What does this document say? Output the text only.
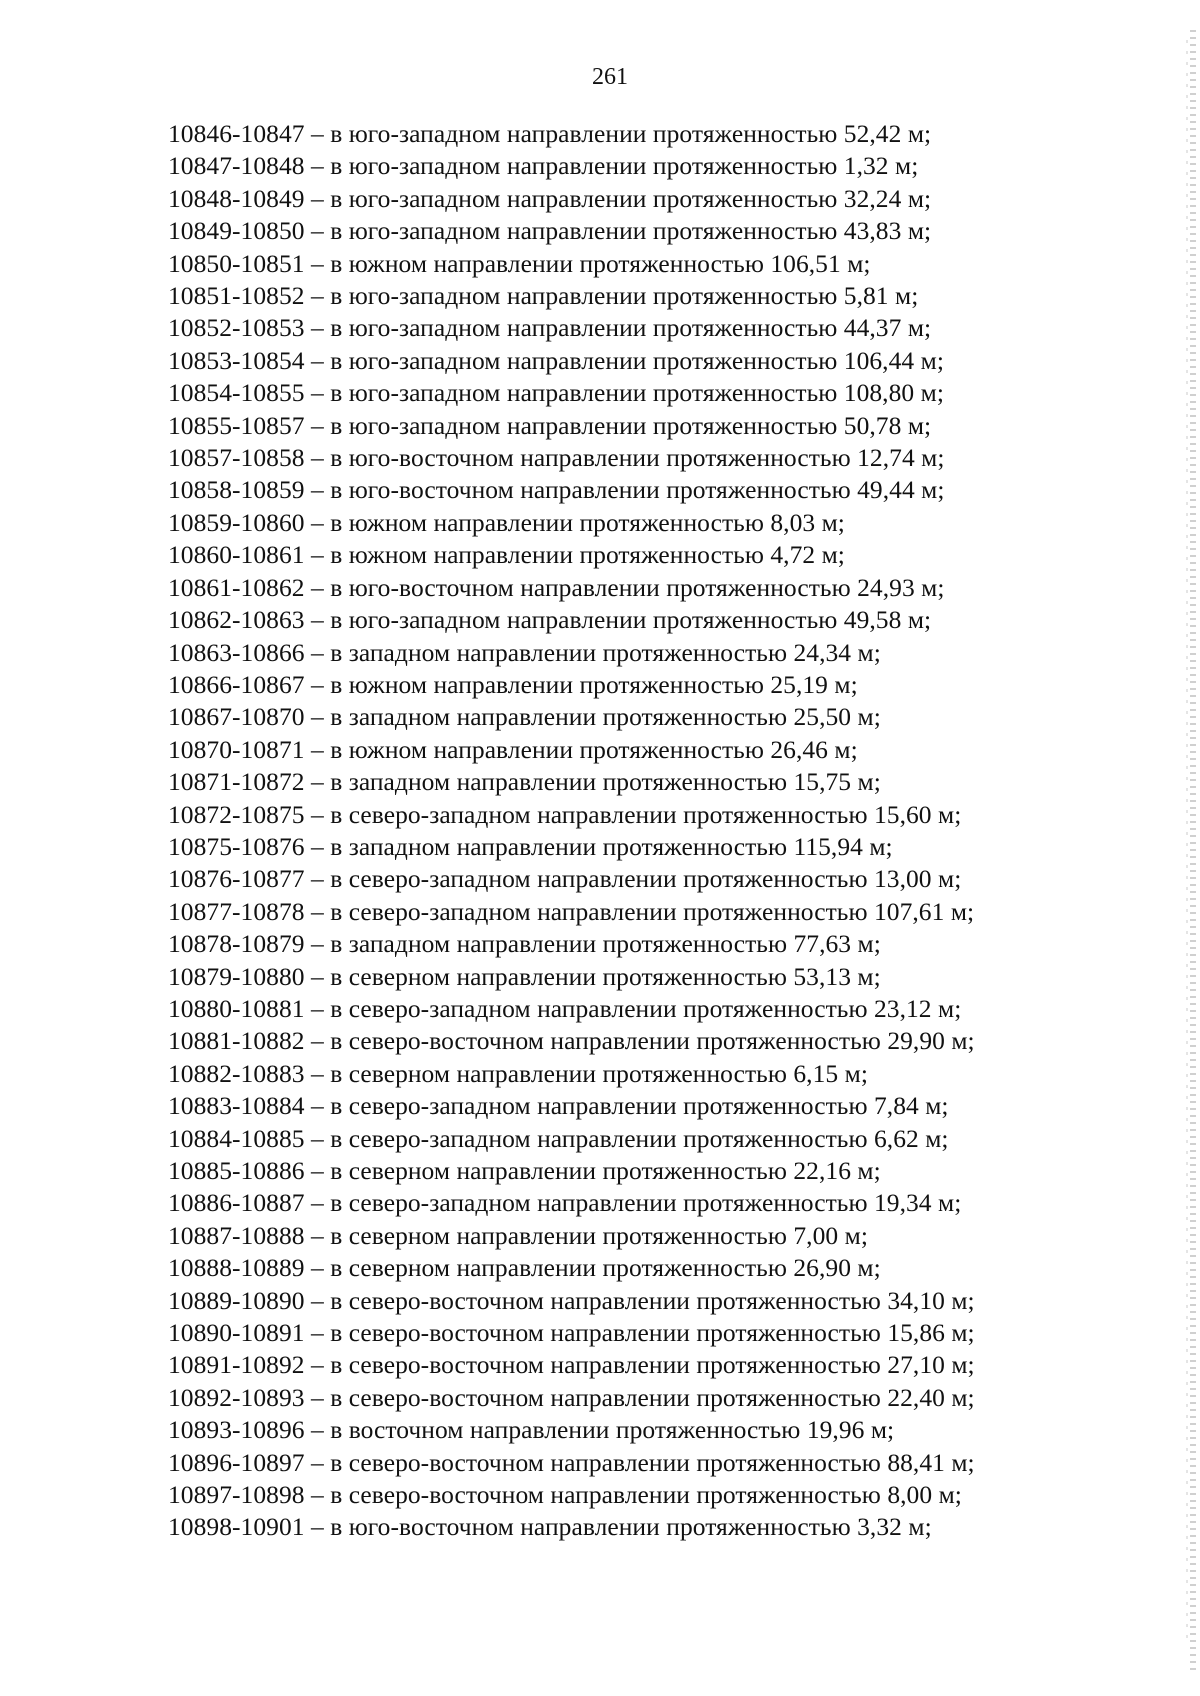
261
10846-10847 – в юго-западном направлении протяженностью 52,42 м;
10847-10848 – в юго-западном направлении протяженностью 1,32 м;
10848-10849 – в юго-западном направлении протяженностью 32,24 м;
10849-10850 – в юго-западном направлении протяженностью 43,83 м;
10850-10851 – в южном направлении протяженностью 106,51 м;
10851-10852 – в юго-западном направлении протяженностью 5,81 м;
10852-10853 – в юго-западном направлении протяженностью 44,37 м;
10853-10854 – в юго-западном направлении протяженностью 106,44 м;
10854-10855 – в юго-западном направлении протяженностью 108,80 м;
10855-10857 – в юго-западном направлении протяженностью 50,78 м;
10857-10858 – в юго-восточном направлении протяженностью 12,74 м;
10858-10859 – в юго-восточном направлении протяженностью 49,44 м;
10859-10860 – в южном направлении протяженностью 8,03 м;
10860-10861 – в южном направлении протяженностью 4,72 м;
10861-10862 – в юго-восточном направлении протяженностью 24,93 м;
10862-10863 – в юго-западном направлении протяженностью 49,58 м;
10863-10866 – в западном направлении протяженностью 24,34 м;
10866-10867 – в южном направлении протяженностью 25,19 м;
10867-10870 – в западном направлении протяженностью 25,50 м;
10870-10871 – в южном направлении протяженностью 26,46 м;
10871-10872 – в западном направлении протяженностью 15,75 м;
10872-10875 – в северо-западном направлении протяженностью 15,60 м;
10875-10876 – в западном направлении протяженностью 115,94 м;
10876-10877 – в северо-западном направлении протяженностью 13,00 м;
10877-10878 – в северо-западном направлении протяженностью 107,61 м;
10878-10879 – в западном направлении протяженностью 77,63 м;
10879-10880 – в северном направлении протяженностью 53,13 м;
10880-10881 – в северо-западном направлении протяженностью 23,12 м;
10881-10882 – в северо-восточном направлении протяженностью 29,90 м;
10882-10883 – в северном направлении протяженностью 6,15 м;
10883-10884 – в северо-западном направлении протяженностью 7,84 м;
10884-10885 – в северо-западном направлении протяженностью 6,62 м;
10885-10886 – в северном направлении протяженностью 22,16 м;
10886-10887 – в северо-западном направлении протяженностью 19,34 м;
10887-10888 – в северном направлении протяженностью 7,00 м;
10888-10889 – в северном направлении протяженностью 26,90 м;
10889-10890 – в северо-восточном направлении протяженностью 34,10 м;
10890-10891 – в северо-восточном направлении протяженностью 15,86 м;
10891-10892 – в северо-восточном направлении протяженностью 27,10 м;
10892-10893 – в северо-восточном направлении протяженностью 22,40 м;
10893-10896 – в восточном направлении протяженностью 19,96 м;
10896-10897 – в северо-восточном направлении протяженностью 88,41 м;
10897-10898 – в северо-восточном направлении протяженностью 8,00 м;
10898-10901 – в юго-восточном направлении протяженностью 3,32 м;
